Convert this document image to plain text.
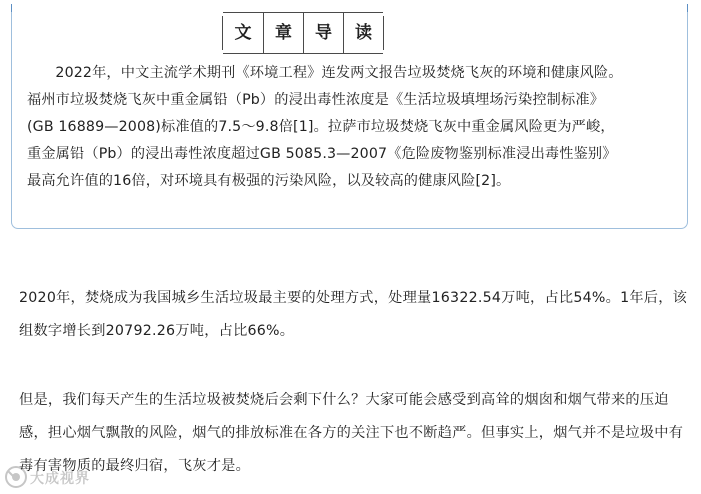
文	章	导	读

2022年，中文主流学术期刊《环境工程》连发两文报告垃圾焚烧飞灰的环境和健康风险。福州市垃圾焚烧飞灰中重金属铅（Pb）的浸出毒性浓度是《生活垃圾填埋场污染控制标准》(GB 16889—2008)标准值的7.5～9.8倍[1]。拉萨市垃圾焚烧飞灰中重金属风险更为严峻，重金属铅（Pb）的浸出毒性浓度超过GB 5085.3—2007《危险废物鉴别标准浸出毒性鉴别》最高允许值的16倍，对环境具有极强的污染风险，以及较高的健康风险[2]。

2020年，焚烧成为我国城乡生活垃圾最主要的处理方式，处理量16322.54万吨，占比54%。1年后，该组数字增长到20792.26万吨，占比66%。

但是，我们每天产生的生活垃圾被焚烧后会剩下什么？大家可能会感受到高耸的烟囱和烟气带来的压迫感，担心烟气飘散的风险，烟气的排放标准在各方的关注下也不断趋严。但事实上，烟气并不是垃圾中有毒有害物质的最终归宿，飞灰才是。

大成视界
